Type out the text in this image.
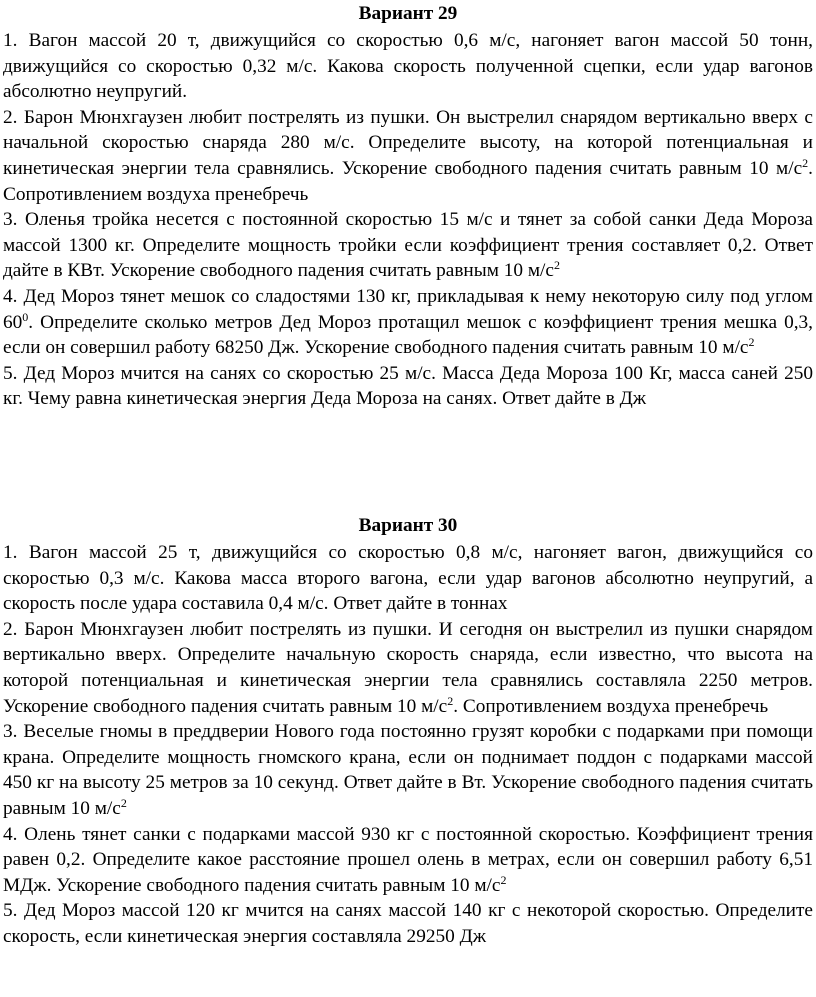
Вариант 29
1. Вагон массой 20 т, движущийся со скоростью 0,6 м/с, нагоняет вагон массой 50 тонн, движущийся со скоростью 0,32 м/с. Какова скорость полученной сцепки, если удар вагонов абсолютно неупругий.
2. Барон Мюнхгаузен любит пострелять из пушки. Он выстрелил снарядом вертикально вверх с начальной скоростью снаряда 280 м/с. Определите высоту, на которой потенциальная и кинетическая энергии тела сравнялись. Ускорение свободного падения считать равным 10 $м/с^2$. Сопротивлением воздуха пренебречь
3. Оленья тройка несется с постоянной скоростью 15 м/с и тянет за собой санки Деда Мороза массой 1300 кг. Определите мощность тройки если коэффициент трения составляет 0,2. Ответ дайте в КВт. Ускорение свободного падения считать равным 10 $м/с^2$
4. Дед Мороз тянет мешок со сладостями 130 кг, прикладывая к нему некоторую силу под углом $60^0$. Определите сколько метров Дед Мороз протащил мешок с коэффициент трения мешка 0,3, если он совершил работу 68250 Дж. Ускорение свободного падения считать равным 10 $м/с^2$
5. Дед Мороз мчится на санях со скоростью 25 м/с. Масса Деда Мороза 100 Кг, масса саней 250 кг. Чему равна кинетическая энергия Деда Мороза на санях. Ответ дайте в Дж
Вариант 30
1. Вагон массой 25 т, движущийся со скоростью 0,8 м/с, нагоняет вагон, движущийся со скоростью 0,3 м/с. Какова масса второго вагона, если удар вагонов абсолютно неупругий, а скорость после удара составила 0,4 м/с. Ответ дайте в тоннах
2. Барон Мюнхгаузен любит пострелять из пушки. И сегодня он выстрелил из пушки снарядом вертикально вверх. Определите начальную скорость снаряда, если известно, что высота на которой потенциальная и кинетическая энергии тела сравнялись составляла 2250 метров. Ускорение свободного падения считать равным 10 $м/с^2$. Сопротивлением воздуха пренебречь
3. Веселые гномы в преддверии Нового года постоянно грузят коробки с подарками при помощи крана. Определите мощность гномского крана, если он поднимает поддон с подарками массой 450 кг на высоту 25 метров за 10 секунд. Ответ дайте в Вт. Ускорение свободного падения считать равным 10 $м/с^2$
4. Олень тянет санки с подарками массой 930 кг с постоянной скоростью. Коэффициент трения равен 0,2. Определите какое расстояние прошел олень в метрах, если он совершил работу 6,51 МДж. Ускорение свободного падения считать равным 10 $м/с^2$
5. Дед Мороз массой 120 кг мчится на санях массой 140 кг с некоторой скоростью. Определите скорость, если кинетическая энергия составляла 29250 Дж
